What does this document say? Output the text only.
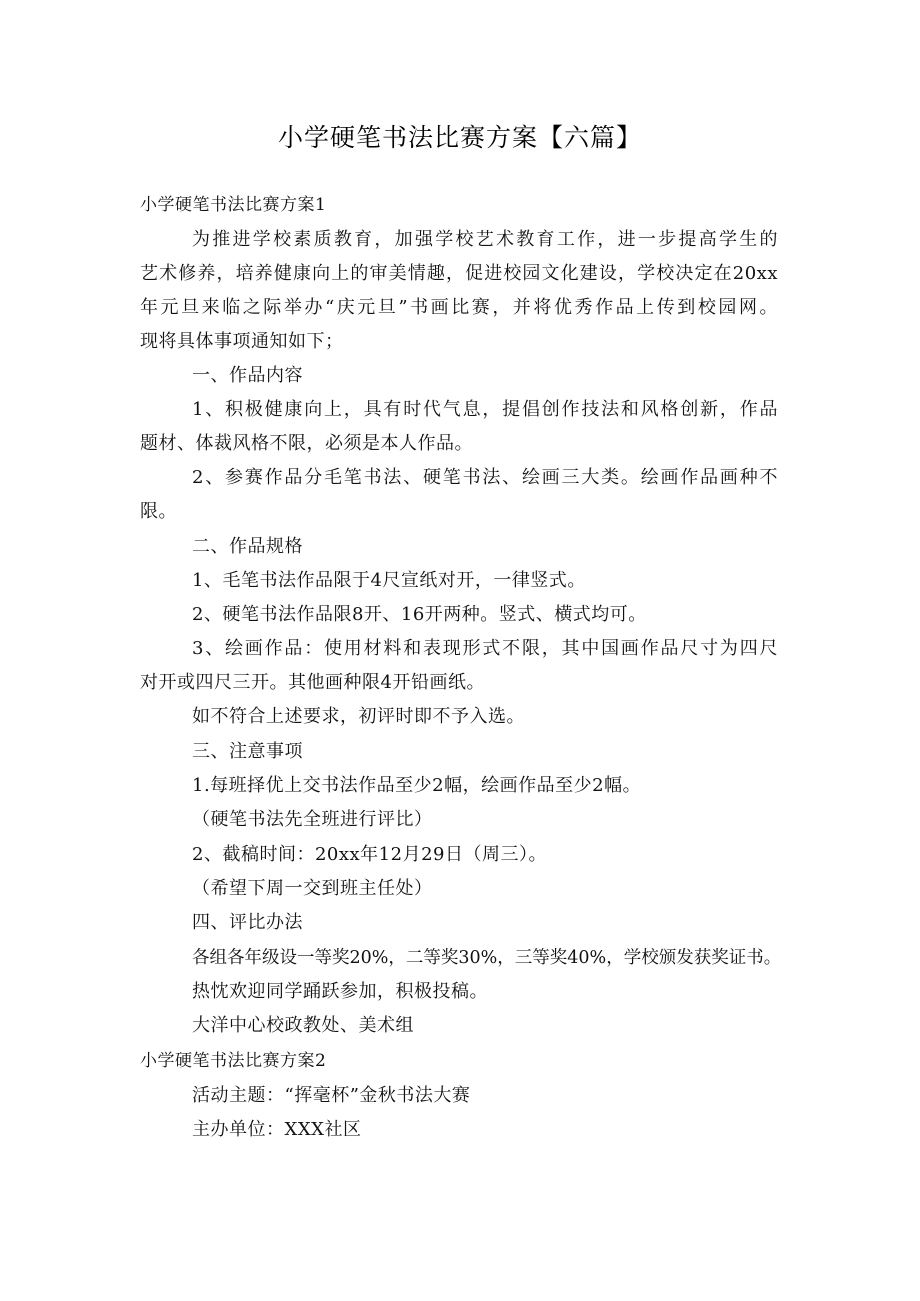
小学硬笔书法比赛方案【六篇】
小学硬笔书法比赛方案1
为推进学校素质教育，加强学校艺术教育工作，进一步提高学生的
艺术修养，培养健康向上的审美情趣，促进校园文化建设，学校决定在20xx
年元旦来临之际举办“庆元旦”书画比赛，并将优秀作品上传到校园网。
现将具体事项通知如下；
一、作品内容
1、积极健康向上，具有时代气息，提倡创作技法和风格创新，作品
题材、体裁风格不限，必须是本人作品。
2、参赛作品分毛笔书法、硬笔书法、绘画三大类。绘画作品画种不
限。
二、作品规格
1、毛笔书法作品限于4尺宣纸对开，一律竖式。
2、硬笔书法作品限8开、16开两种。竖式、横式均可。
3、绘画作品：使用材料和表现形式不限，其中国画作品尺寸为四尺
对开或四尺三开。其他画种限4开铅画纸。
如不符合上述要求，初评时即不予入选。
三、注意事项
1.每班择优上交书法作品至少2幅，绘画作品至少2幅。
（硬笔书法先全班进行评比）
2、截稿时间：20xx年12月29日（周三）。
（希望下周一交到班主任处）
四、评比办法
各组各年级设一等奖20%，二等奖30%，三等奖40%，学校颁发获奖证书。
热忱欢迎同学踊跃参加，积极投稿。
大洋中心校政教处、美术组
小学硬笔书法比赛方案2
活动主题：“挥毫杯”金秋书法大赛
主办单位：XXX社区
